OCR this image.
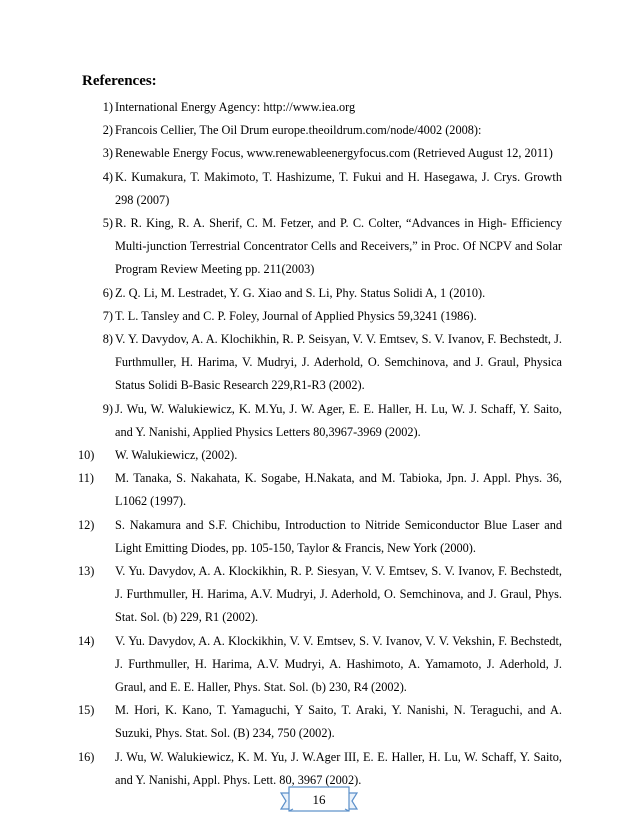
References:
1) International Energy Agency: http://www.iea.org
2) Francois Cellier, The Oil Drum europe.theoildrum.com/node/4002 (2008):
3) Renewable Energy Focus, www.renewableenergyfocus.com (Retrieved August 12, 2011)
4) K. Kumakura, T. Makimoto, T. Hashizume, T. Fukui and H. Hasegawa, J. Crys. Growth 298 (2007)
5) R. R. King, R. A. Sherif, C. M. Fetzer, and P. C. Colter, “Advances in High- Efficiency Multi-junction Terrestrial Concentrator Cells and Receivers,” in Proc. Of NCPV and Solar Program Review Meeting pp. 211(2003)
6) Z. Q. Li, M. Lestradet, Y. G. Xiao and S. Li, Phy. Status Solidi A, 1 (2010).
7) T. L. Tansley and C. P. Foley, Journal of Applied Physics 59,3241 (1986).
8) V. Y. Davydov, A. A. Klochikhin, R. P. Seisyan, V. V. Emtsev, S. V. Ivanov, F. Bechstedt, J. Furthmuller, H. Harima, V. Mudryi, J. Aderhold, O. Semchinova, and J. Graul, Physica Status Solidi B-Basic Research 229,R1-R3 (2002).
9) J. Wu, W. Walukiewicz, K. M.Yu, J. W. Ager, E. E. Haller, H. Lu, W. J. Schaff, Y. Saito, and Y. Nanishi, Applied Physics Letters 80,3967-3969 (2002).
10) W. Walukiewicz, (2002).
11) M. Tanaka, S. Nakahata, K. Sogabe, H.Nakata, and M. Tabioka, Jpn. J. Appl. Phys. 36, L1062 (1997).
12) S. Nakamura and S.F. Chichibu, Introduction to Nitride Semiconductor Blue Laser and Light Emitting Diodes, pp. 105-150, Taylor & Francis, New York (2000).
13) V. Yu. Davydov, A. A. Klockikhin, R. P. Siesyan, V. V. Emtsev, S. V. Ivanov, F. Bechstedt, J. Furthmuller, H. Harima, A.V. Mudryi, J. Aderhold, O. Semchinova, and J. Graul, Phys. Stat. Sol. (b) 229, R1 (2002).
14) V. Yu. Davydov, A. A. Klockikhin, V. V. Emtsev, S. V. Ivanov, V. V. Vekshin, F. Bechstedt, J. Furthmuller, H. Harima, A.V. Mudryi, A. Hashimoto, A. Yamamoto, J. Aderhold, J. Graul, and E. E. Haller, Phys. Stat. Sol. (b) 230, R4 (2002).
15) M. Hori, K. Kano, T. Yamaguchi, Y Saito, T. Araki, Y. Nanishi, N. Teraguchi, and A. Suzuki, Phys. Stat. Sol. (B) 234, 750 (2002).
16) J. Wu, W. Walukiewicz, K. M. Yu, J. W.Ager III, E. E. Haller, H. Lu, W. Schaff, Y. Saito, and Y. Nanishi, Appl. Phys. Lett. 80, 3967 (2002).
16
